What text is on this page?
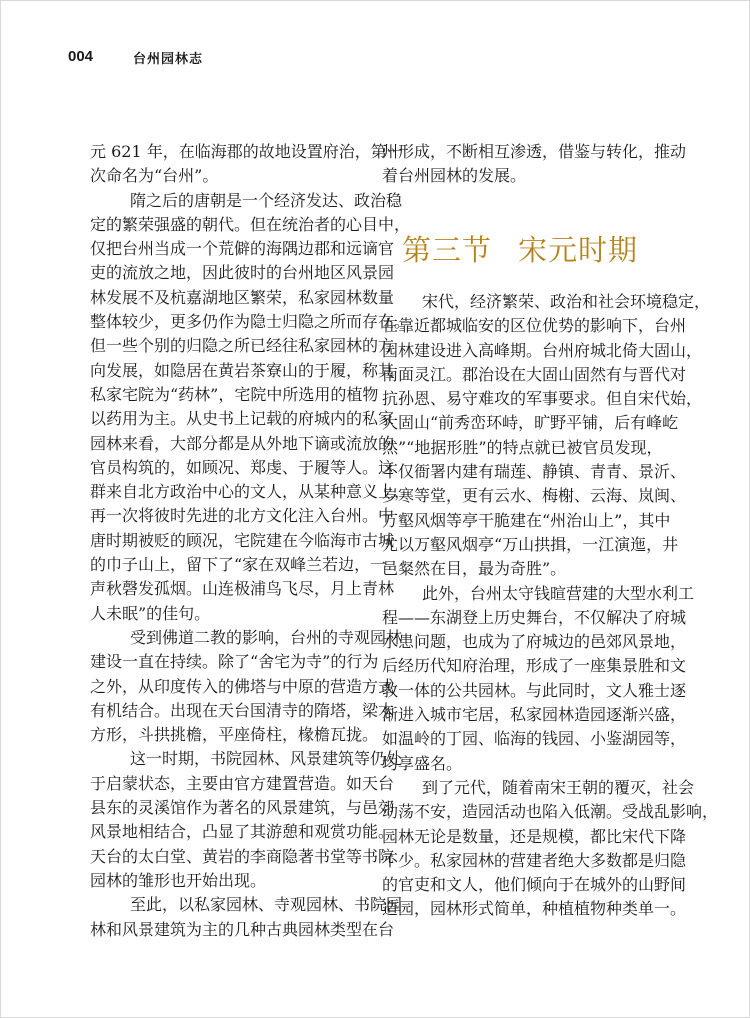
004	台州园林志
元 621 年，在临海郡的故地设置府治，第一
次命名为“台州”。
隋之后的唐朝是一个经济发达、政治稳
定的繁荣强盛的朝代。但在统治者的心目中，
仅把台州当成一个荒僻的海隅边郡和远谪官
吏的流放之地，因此彼时的台州地区风景园
林发展不及杭嘉湖地区繁荣，私家园林数量
整体较少，更多仍作为隐士归隐之所而存在。
但一些个别的归隐之所已经往私家园林的方
向发展，如隐居在黄岩茶寮山的于履，称其
私家宅院为“药林”，宅院中所选用的植物
以药用为主。从史书上记载的府城内的私家
园林来看，大部分都是从外地下谪或流放的
官员构筑的，如顾况、郑虔、于履等人。这
群来自北方政治中心的文人，从某种意义上，
再一次将彼时先进的北方文化注入台州。中
唐时期被贬的顾况，宅院建在今临海市古城
的巾子山上，留下了“家在双峰兰若边，一
声秋磬发孤烟。山连极浦鸟飞尽，月上青林
人未眠”的佳句。
受到佛道二教的影响，台州的寺观园林
建设一直在持续。除了“舍宅为寺”的行为
之外，从印度传入的佛塔与中原的营造方式
有机结合。出现在天台国清寺的隋塔，梁木
方形，斗拱挑檐，平座倚柱，椽檐瓦拢。
这一时期，书院园林、风景建筑等仍处
于启蒙状态，主要由官方建置营造。如天台
县东的灵溪馆作为著名的风景建筑，与邑郊
风景地相结合，凸显了其游憩和观赏功能。
天台的太白堂、黄岩的李商隐著书堂等书院
园林的雏形也开始出现。
至此，以私家园林、寺观园林、书院园
林和风景建筑为主的几种古典园林类型在台
州形成，不断相互渗透，借鉴与转化，推动
着台州园林的发展。
第三节 宋元时期
宋代，经济繁荣、政治和社会环境稳定，
在靠近都城临安的区位优势的影响下，台州
园林建设进入高峰期。台州府城北倚大固山，
南面灵江。郡治设在大固山固然有与晋代对
抗孙恩、易守难攻的军事要求。但自宋代始，
大固山“前秀峦环峙，旷野平铺，后有峰屹
然”“地据形胜”的特点就已被官员发现，
不仅衙署内建有瑞莲、静镇、青青、景沂、
岁寒等堂，更有云水、梅榭、云海、岚闽、
万壑风烟等亭干脆建在“州治山上”，其中
尤以万壑风烟亭“万山拱揖，一江演迤，井
邑粲然在目，最为奇胜”。
此外，台州太守钱暄营建的大型水利工
程——东湖登上历史舞台，不仅解决了府城
水患问题，也成为了府城边的邑郊风景地，
后经历代知府治理，形成了一座集景胜和文
教一体的公共园林。与此同时，文人雅士逐
渐进入城市宅居，私家园林造园逐渐兴盛，
如温岭的丁园、临海的钱园、小鉴湖园等，
均享盛名。
到了元代，随着南宋王朝的覆灭，社会
动荡不安，造园活动也陷入低潮。受战乱影响，
园林无论是数量，还是规模，都比宋代下降
不少。私家园林的营建者绝大多数都是归隐
的官吏和文人，他们倾向于在城外的山野间
造园，园林形式简单，种植植物种类单一。
